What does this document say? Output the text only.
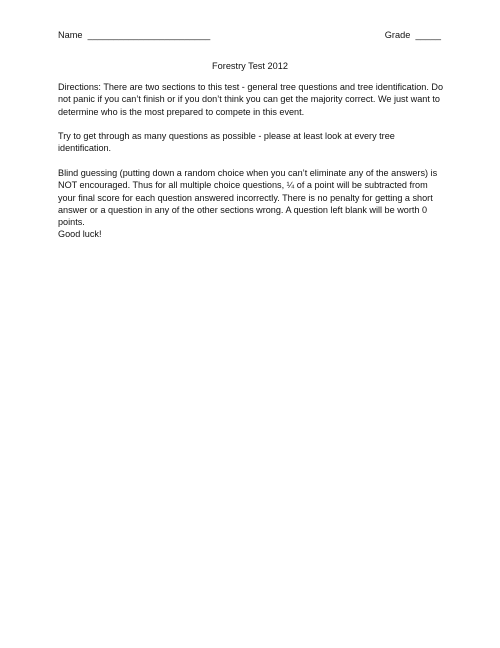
Name ________________________	Grade _____
Forestry Test 2012

Directions: There are two sections to this test - general tree questions and tree identification. Do not panic if you can’t finish or if you don’t think you can get the majority correct. We just want to determine who is the most prepared to compete in this event.

Try to get through as many questions as possible - please at least look at every tree identification.

Blind guessing (putting down a random choice when you can’t eliminate any of the answers) is NOT encouraged. Thus for all multiple choice questions, ¼ of a point will be subtracted from your final score for each question answered incorrectly. There is no penalty for getting a short answer or a question in any of the other sections wrong. A question left blank will be worth 0 points.

Good luck!
